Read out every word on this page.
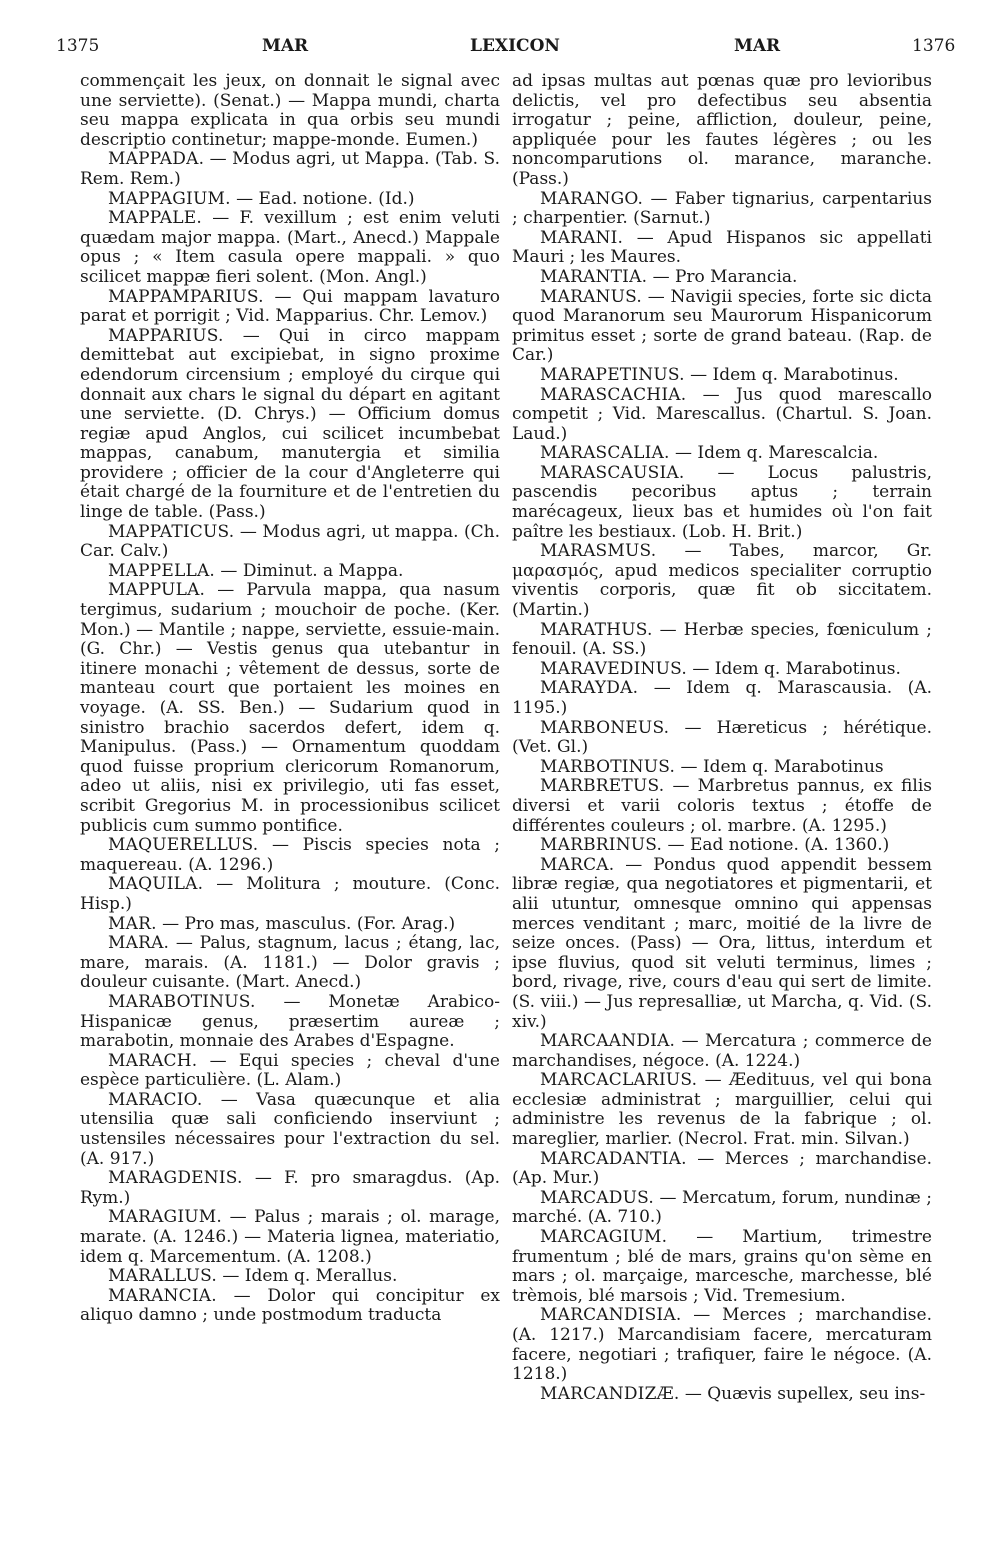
1375	MAR	LEXICON	MAR	1376

commençait les jeux, on donnait le signal avec une serviette). (Senat.) — Mappa mundi, charta seu mappa explicata in qua orbis seu mundi descriptio continetur; mappe-monde. Eumen.)

MAPPADA. — Modus agri, ut Mappa. (Tab. S. Rem. Rem.)

MAPPAGIUM. — Ead. notione. (Id.)

MAPPALE. — F. vexillum ; est enim veluti quædam major mappa. (Mart., Anecd.) Mappale opus ; « Item casula opere mappali. » quo scilicet mappæ fieri solent. (Mon. Angl.)

MAPPAMPARIUS. — Qui mappam lavaturo parat et porrigit ; Vid. Mapparius. Chr. Lemov.)

MAPPARIUS. — Qui in circo mappam demittebat aut excipiebat, in signo proxime edendorum circensium ; employé du cirque qui donnait aux chars le signal du départ en agitant une serviette. (D. Chrys.) — Officium domus regiæ apud Anglos, cui scilicet incumbebat mappas, canabum, manutergia et similia providere ; officier de la cour d'Angleterre qui était chargé de la fourniture et de l'entretien du linge de table. (Pass.)

MAPPATICUS. — Modus agri, ut mappa. (Ch. Car. Calv.)

MAPPELLA. — Diminut. a Mappa.

MAPPULA. — Parvula mappa, qua nasum tergimus, sudarium ; mouchoir de poche. (Ker. Mon.) — Mantile ; nappe, serviette, essuie-main. (G. Chr.) — Vestis genus qua utebantur in itinere monachi ; vêtement de dessus, sorte de manteau court que portaient les moines en voyage. (A. SS. Ben.) — Sudarium quod in sinistro brachio sacerdos defert, idem q. Manipulus. (Pass.) — Ornamentum quoddam quod fuisse proprium clericorum Romanorum, adeo ut aliis, nisi ex privilegio, uti fas esset, scribit Gregorius M. in processionibus scilicet publicis cum summo pontifice.

MAQUERELLUS. — Piscis species nota ; maquereau. (A. 1296.)

MAQUILA. — Molitura ; mouture. (Conc. Hisp.)

MAR. — Pro mas, masculus. (For. Arag.)

MARA. — Palus, stagnum, lacus ; étang, lac, mare, marais. (A. 1181.) — Dolor gravis ; douleur cuisante. (Mart. Anecd.)

MARABOTINUS. — Monetæ Arabico-Hispanicæ genus, præsertim aureæ ; marabotin, monnaie des Arabes d'Espagne.

MARACH. — Equi species ; cheval d'une espèce particulière. (L. Alam.)

MARACIO. — Vasa quæcunque et alia utensilia quæ sali conficiendo inserviunt ; ustensiles nécessaires pour l'extraction du sel. (A. 917.)

MARAGDENIS. — F. pro smaragdus. (Ap. Rym.)

MARAGIUM. — Palus ; marais ; ol. marage, marate. (A. 1246.) — Materia lignea, materiatio, idem q. Marcementum. (A. 1208.)

MARALLUS. — Idem q. Merallus.

MARANCIA. — Dolor qui concipitur ex aliquo damno ; unde postmodum traducta

ad ipsas multas aut pœnas quæ pro levioribus delictis, vel pro defectibus seu absentia irrogatur ; peine, affliction, douleur, peine, appliquée pour les fautes légères ; ou les noncomparutions ol. marance, maranche. (Pass.)

MARANGO. — Faber tignarius, carpentarius ; charpentier. (Sarnut.)

MARANI. — Apud Hispanos sic appellati Mauri ; les Maures.

MARANTIA. — Pro Marancia.

MARANUS. — Navigii species, forte sic dicta quod Maranorum seu Maurorum Hispanicorum primitus esset ; sorte de grand bateau. (Rap. de Car.)

MARAPETINUS. — Idem q. Marabotinus.

MARASCACHIA. — Jus quod marescallo competit ; Vid. Marescallus. (Chartul. S. Joan. Laud.)

MARASCALIA. — Idem q. Marescalcia.

MARASCAUSIA. — Locus palustris, pascendis pecoribus aptus ; terrain marécageux, lieux bas et humides où l'on fait paître les bestiaux. (Lob. H. Brit.)

MARASMUS. — Tabes, marcor, Gr. μαρασμός, apud medicos specialiter corruptio viventis corporis, quæ fit ob siccitatem. (Martin.)

MARATHUS. — Herbæ species, fœniculum ; fenouil. (A. SS.)

MARAVEDINUS. — Idem q. Marabotinus.

MARAYDA. — Idem q. Marascausia. (A. 1195.)

MARBONEUS. — Hæreticus ; hérétique. (Vet. Gl.)

MARBOTINUS. — Idem q. Marabotinus

MARBRETUS. — Marbretus pannus, ex filis diversi et varii coloris textus ; étoffe de différentes couleurs ; ol. marbre. (A. 1295.)

MARBRINUS. — Ead notione. (A. 1360.)

MARCA. — Pondus quod appendit bessem libræ regiæ, qua negotiatores et pigmentarii, et alii utuntur, omnesque omnino qui appensas merces venditant ; marc, moitié de la livre de seize onces. (Pass) — Ora, littus, interdum et ipse fluvius, quod sit veluti terminus, limes ; bord, rivage, rive, cours d'eau qui sert de limite. (S. viii.) — Jus represalliæ, ut Marcha, q. Vid. (S. xiv.)

MARCAANDIA. — Mercatura ; commerce de marchandises, négoce. (A. 1224.)

MARCACLARIUS. — Æedituus, vel qui bona ecclesiæ administrat ; marguillier, celui qui administre les revenus de la fabrique ; ol. mareglier, marlier. (Necrol. Frat. min. Silvan.)

MARCADANTIA. — Merces ; marchandise. (Ap. Mur.)

MARCADUS. — Mercatum, forum, nundinæ ; marché. (A. 710.)

MARCAGIUM. — Martium, trimestre frumentum ; blé de mars, grains qu'on sème en mars ; ol. marçaige, marcesche, marchesse, blé trèmois, blé marsois ; Vid. Tremesium.

MARCANDISIA. — Merces ; marchandise. (A. 1217.) Marcandisiam facere, mercaturam facere, negotiari ; trafiquer, faire le négoce. (A. 1218.)

MARCANDIZÆ. — Quævis supellex, seu ins-
